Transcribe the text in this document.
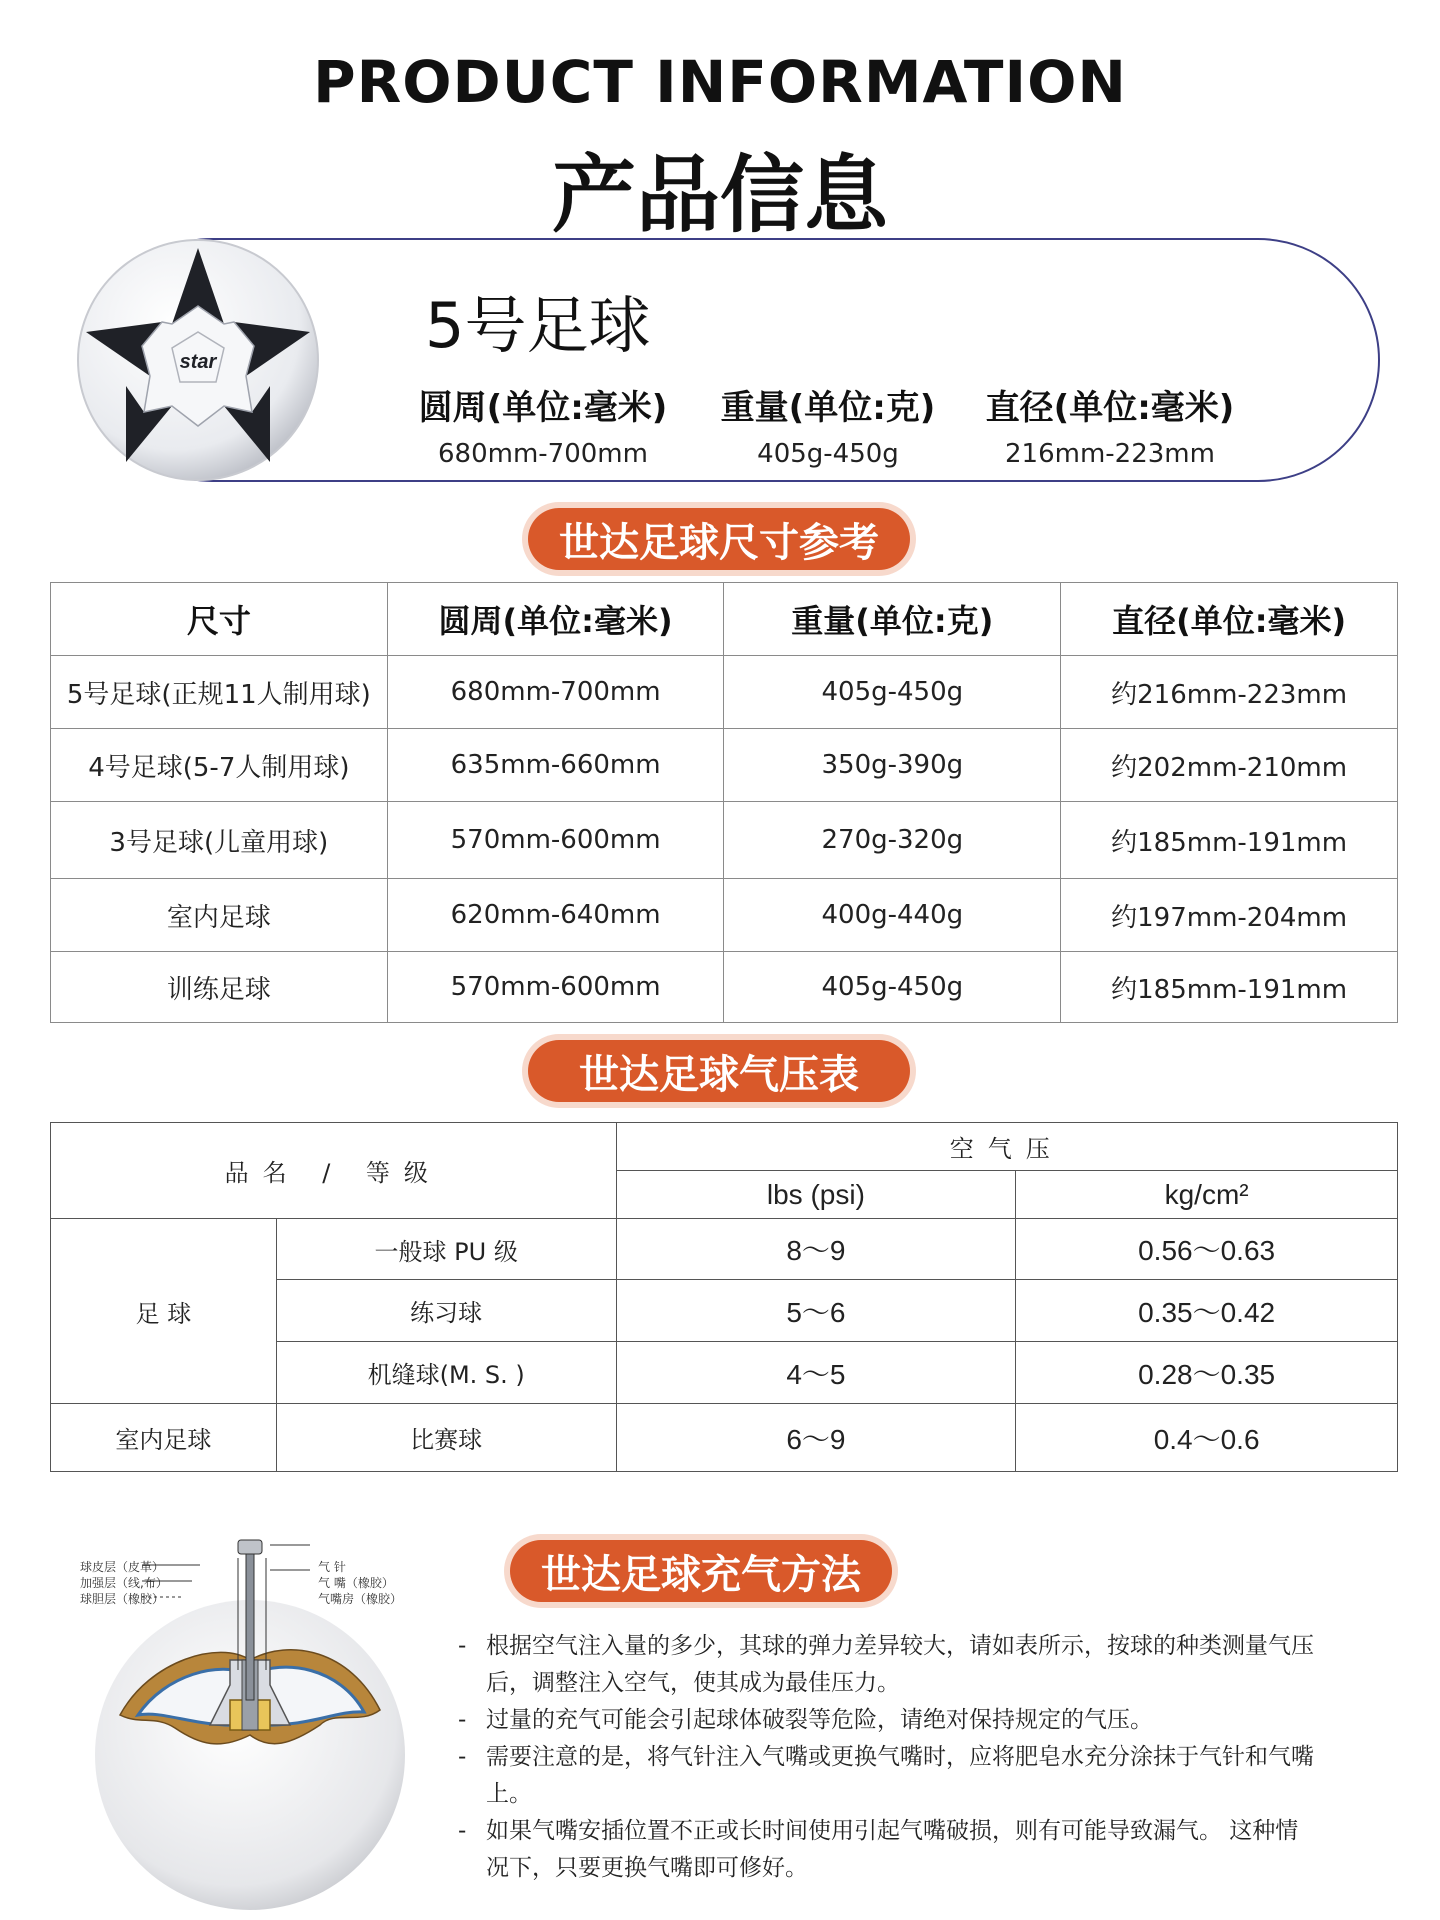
PRODUCT INFORMATION
产品信息
star	5号足球
圆周(单位:毫米)
680mm-700mm
重量(单位:克)
405g-450g
直径(单位:毫米)
216mm-223mm
世达足球尺寸参考
尺寸	圆周(单位:毫米)	重量(单位:克)	直径(单位:毫米)
5号足球(正规11人制用球)	680mm-700mm	405g-450g	约216mm-223mm
4号足球(5-7人制用球)	635mm-660mm	350g-390g	约202mm-210mm
3号足球(儿童用球)	570mm-600mm	270g-320g	约185mm-191mm
室内足球	620mm-640mm	400g-440g	约197mm-204mm
训练足球	570mm-600mm	405g-450g	约185mm-191mm
世达足球气压表
品名 / 等级		空气压	
		lbs (psi)	kg/cm²
足 球	一般球 PU 级	8～9	0.56～0.63
	练习球	5～6	0.35～0.42
	机缝球(M. S. )	4～5	0.28～0.35
室内足球	比赛球	6～9	0.4～0.6
世达足球充气方法
球皮层（皮革）
加强层（线,布）
球胆层（橡胶）
气 针
气 嘴（橡胶）
气嘴房（橡胶）
- 根据空气注入量的多少，其球的弹力差异较大，请如表所示，按球的种类测量气压后，调整注入空气，使其成为最佳压力。
- 过量的充气可能会引起球体破裂等危险，请绝对保持规定的气压。
- 需要注意的是，将气针注入气嘴或更换气嘴时，应将肥皂水充分涂抹于气针和气嘴上。
- 如果气嘴安插位置不正或长时间使用引起气嘴破损，则有可能导致漏气。 这种情况下，只要更换气嘴即可修好。
